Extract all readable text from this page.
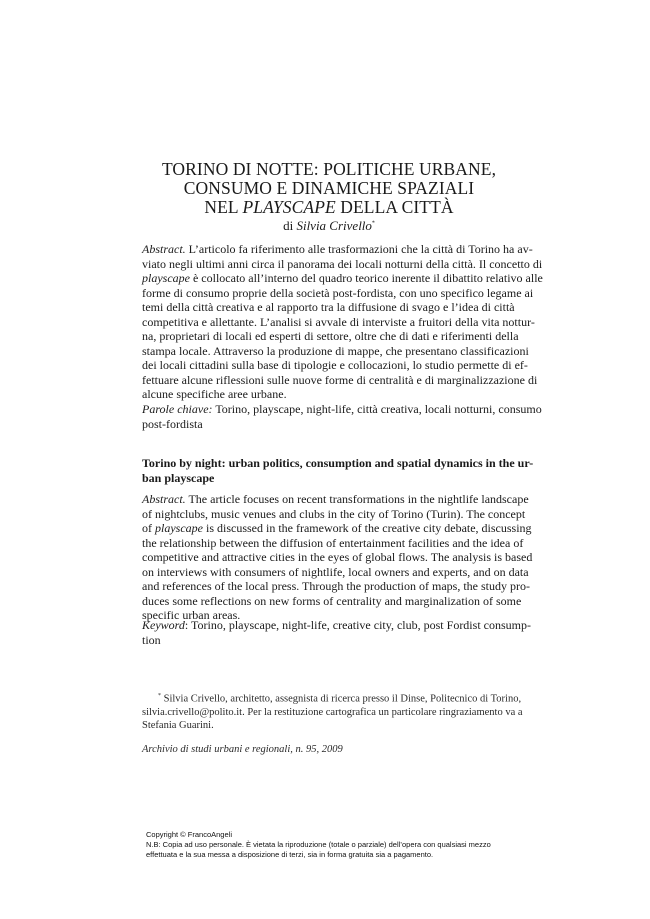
TORINO DI NOTTE: POLITICHE URBANE,
CONSUMO E DINAMICHE SPAZIALI
NEL PLAYSCAPE DELLA CITTÀ
di Silvia Crivello*
Abstract. L’articolo fa riferimento alle trasformazioni che la città di Torino ha av-
viato negli ultimi anni circa il panorama dei locali notturni della città. Il concetto di
playscape è collocato all’interno del quadro teorico inerente il dibattito relativo alle
forme di consumo proprie della società post-fordista, con uno specifico legame ai
temi della città creativa e al rapporto tra la diffusione di svago e l’idea di città
competitiva e allettante. L’analisi si avvale di interviste a fruitori della vita nottur-
na, proprietari di locali ed esperti di settore, oltre che di dati e riferimenti della
stampa locale. Attraverso la produzione di mappe, che presentano classificazioni
dei locali cittadini sulla base di tipologie e collocazioni, lo studio permette di ef-
fettuare alcune riflessioni sulle nuove forme di centralità e di marginalizzazione di
alcune specifiche aree urbane.
Parole chiave: Torino, playscape, night-life, città creativa, locali notturni, consumo
post-fordista
Torino by night: urban politics, consumption and spatial dynamics in the ur-
ban playscape
Abstract. The article focuses on recent transformations in the nightlife landscape
of nightclubs, music venues and clubs in the city of Torino (Turin). The concept
of playscape is discussed in the framework of the creative city debate, discussing
the relationship between the diffusion of entertainment facilities and the idea of
competitive and attractive cities in the eyes of global flows. The analysis is based
on interviews with consumers of nightlife, local owners and experts, and on data
and references of the local press. Through the production of maps, the study pro-
duces some reflections on new forms of centrality and marginalization of some
specific urban areas.
Keyword: Torino, playscape, night-life, creative city, club, post Fordist consump-
tion
* Silvia Crivello, architetto, assegnista di ricerca presso il Dinse, Politecnico di Torino,
silvia.crivello@polito.it. Per la restituzione cartografica un particolare ringraziamento va a
Stefania Guarini.
Archivio di studi urbani e regionali, n. 95, 2009
Copyright © FrancoAngeli
N.B: Copia ad uso personale. È vietata la riproduzione (totale o parziale) dell’opera con qualsiasi mezzo
effettuata e la sua messa a disposizione di terzi, sia in forma gratuita sia a pagamento.
